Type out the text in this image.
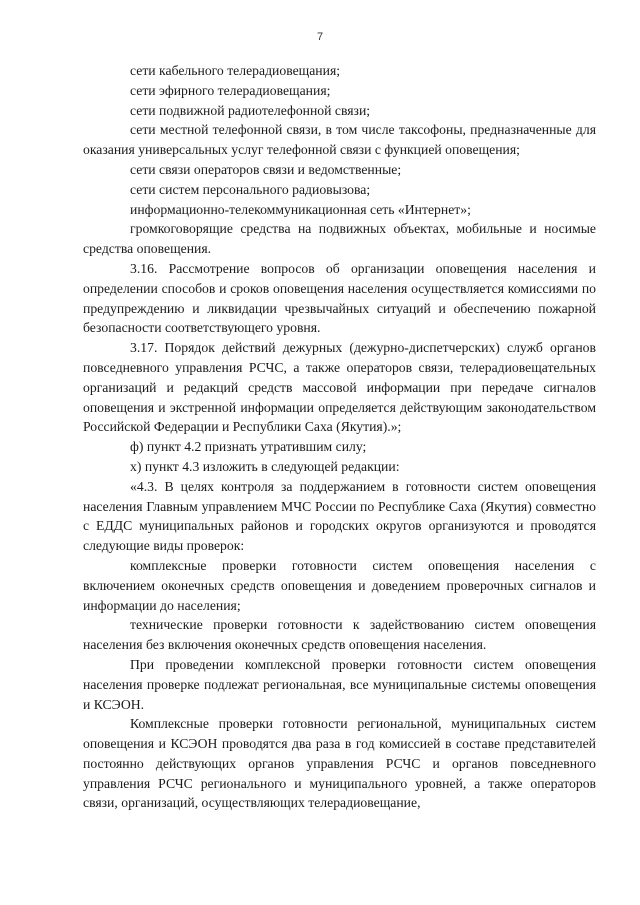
7

сети кабельного телерадиовещания;

сети эфирного телерадиовещания;

сети подвижной радиотелефонной связи;

сети местной телефонной связи, в том числе таксофоны, предназначенные для оказания универсальных услуг телефонной связи с функцией оповещения;

сети связи операторов связи и ведомственные;

сети систем персонального радиовызова;

информационно-телекоммуникационная сеть «Интернет»;

громкоговорящие средства на подвижных объектах, мобильные и носимые средства оповещения.

3.16. Рассмотрение вопросов об организации оповещения населения и определении способов и сроков оповещения населения осуществляется комиссиями по предупреждению и ликвидации чрезвычайных ситуаций и обеспечению пожарной безопасности соответствующего уровня.

3.17. Порядок действий дежурных (дежурно-диспетчерских) служб органов повседневного управления РСЧС, а также операторов связи, телерадиовещательных организаций и редакций средств массовой информации при передаче сигналов оповещения и экстренной информации определяется действующим законодательством Российской Федерации и Республики Саха (Якутия).»;

ф) пункт 4.2 признать утратившим силу;

х) пункт 4.3 изложить в следующей редакции:

«4.3. В целях контроля за поддержанием в готовности систем оповещения населения Главным управлением МЧС России по Республике Саха (Якутия) совместно с ЕДДС муниципальных районов и городских округов организуются и проводятся следующие виды проверок:

комплексные проверки готовности систем оповещения населения с включением оконечных средств оповещения и доведением проверочных сигналов и информации до населения;

технические проверки готовности к задействованию систем оповещения населения без включения оконечных средств оповещения населения.

При проведении комплексной проверки готовности систем оповещения населения проверке подлежат региональная, все муниципальные системы оповещения и КСЭОН.

Комплексные проверки готовности региональной, муниципальных систем оповещения и КСЭОН проводятся два раза в год комиссией в составе представителей постоянно действующих органов управления РСЧС и органов повседневного управления РСЧС регионального и муниципального уровней, а также операторов связи, организаций, осуществляющих телерадиовещание,
